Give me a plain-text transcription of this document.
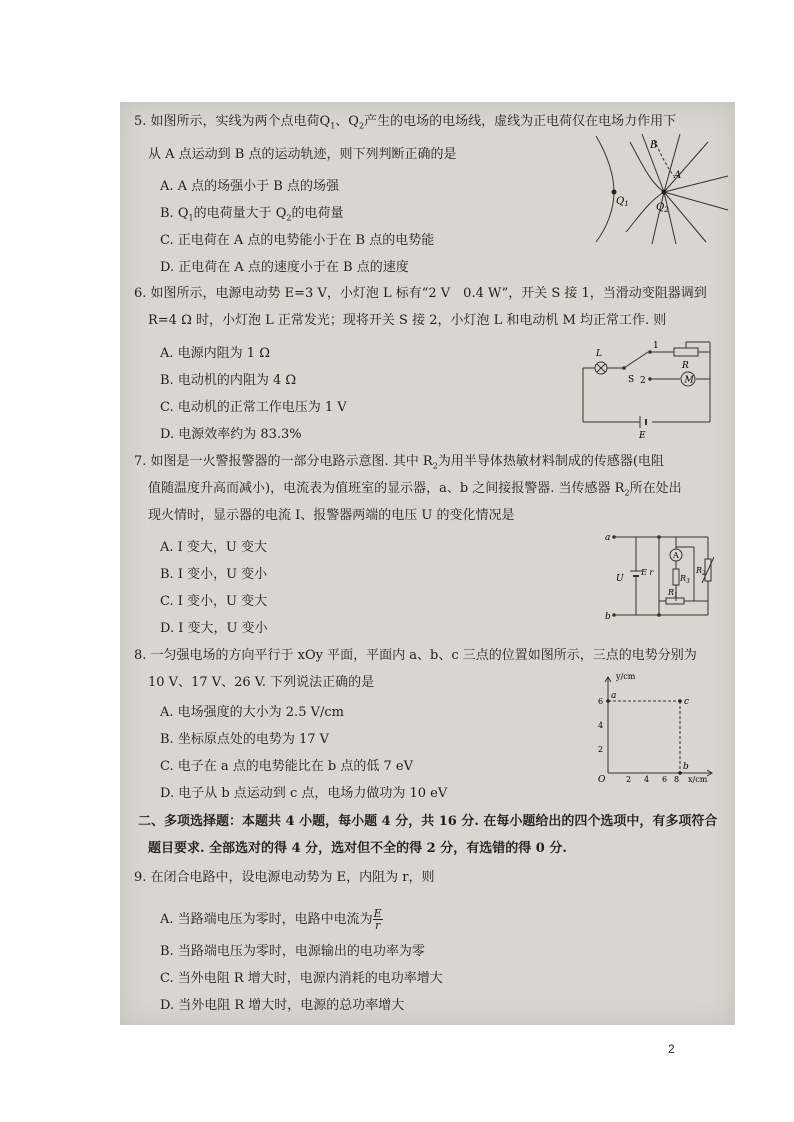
5. 如图所示，实线为两个点电荷$Q_1$、$Q_2$产生的电场的电场线，虚线为正电荷仅在电场力作用下
从 A 点运动到 B 点的运动轨迹，则下列判断正确的是
A. A 点的场强小于 B 点的场强
B. $Q_1$的电荷量大于 $Q_2$的电荷量
C. 正电荷在 A 点的电势能小于在 B 点的电势能
D. 正电荷在 A 点的速度小于在 B 点的速度
B
A
$Q_1$	$Q_2$
6. 如图所示，电源电动势 E=3 V，小灯泡 L 标有“2 V　0.4 W”，开关 S 接 1，当滑动变阻器调到
R=4 Ω 时，小灯泡 L 正常发光；现将开关 S 接 2，小灯泡 L 和电动机 M 均正常工作. 则
A. 电源内阻为 1 Ω
B. 电动机的内阻为 4 Ω
C. 电动机的正常工作电压为 1 V
D. 电源效率约为 83.3%
M
L
1
R
S 2
E
7. 如图是一火警报警器的一部分电路示意图. 其中 $R_2$为用半导体热敏材料制成的传感器(电阻
值随温度升高而减小)，电流表为值班室的显示器，a、b 之间接报警器. 当传感器 $R_2$所在处出
现火情时，显示器的电流 I、报警器两端的电压 U 的变化情况是
A. I 变大，U 变大
B. I 变小，U 变小
C. I 变小，U 变大
D. I 变大，U 变小
A
a
b
U
E r
$R_1$
$R_3$
$R_2$
8. 一匀强电场的方向平行于 xOy 平面，平面内 a、b、c 三点的位置如图所示，三点的电势分别为
10 V、17 V、26 V. 下列说法正确的是
A. 电场强度的大小为 2.5 V/cm
B. 坐标原点处的电势为 17 V
C. 电子在 a 点的电势能比在 b 点的低 7 eV
D. 电子从 b 点运动到 c 点，电场力做功为 10 eV
y/cm
x/cm
O	2 4 6 8
2
4
6
a
b
c
二、多项选择题：本题共 4 小题，每小题 4 分，共 16 分. 在每小题给出的四个选项中，有多项符合
题目要求. 全部选对的得 4 分，选对但不全的得 2 分，有选错的得 0 分.
9. 在闭合电路中，设电源电动势为 E，内阻为 r，则
A. 当路端电压为零时，电路中电流为 $\frac{E}{r}$
B. 当路端电压为零时，电源输出的电功率为零
C. 当外电阻 R 增大时，电源内消耗的电功率增大
D. 当外电阻 R 增大时，电源的总功率增大
2
